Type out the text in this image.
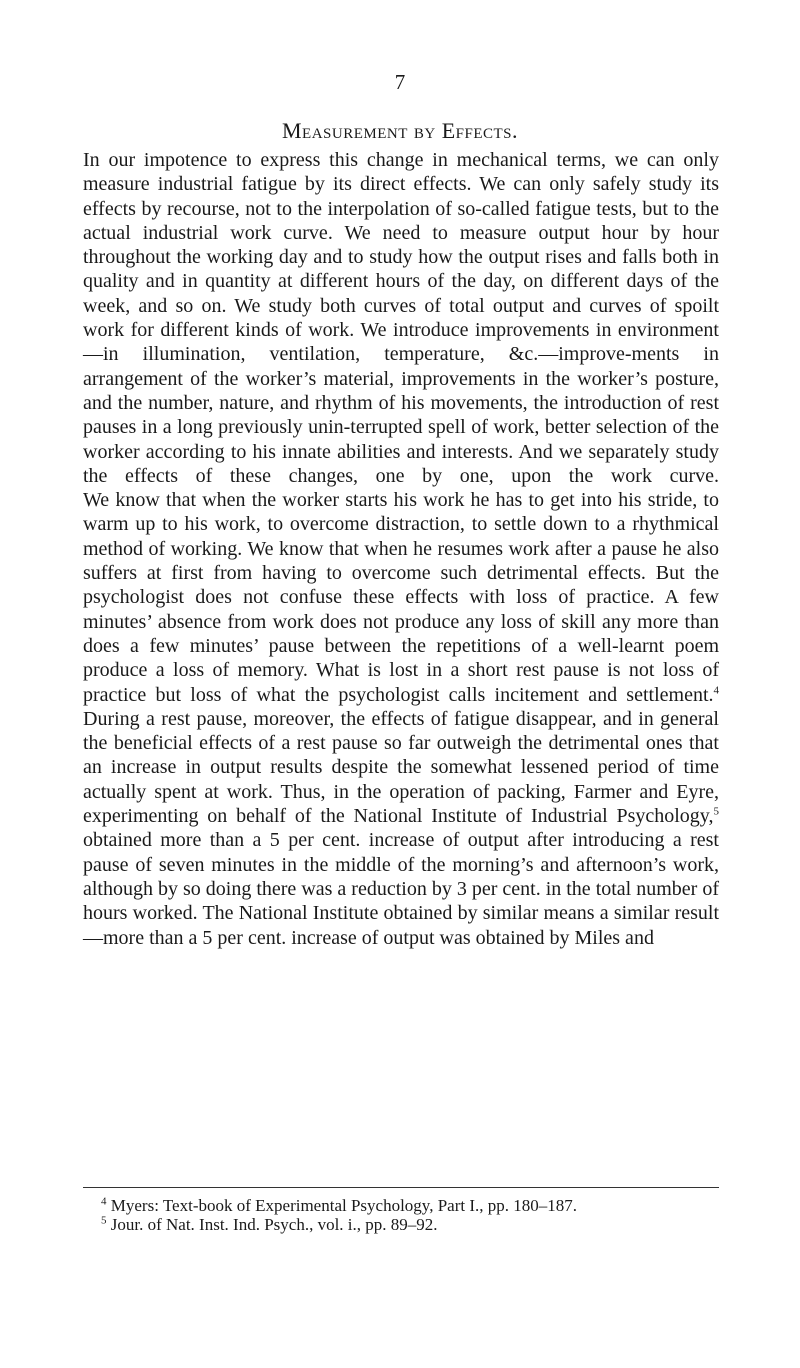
7
Measurement by Effects.

In our impotence to express this change in mechanical terms, we can only measure industrial fatigue by its direct effects. We can only safely study its effects by recourse, not to the interpolation of so-called fatigue tests, but to the actual industrial work curve. We need to measure output hour by hour throughout the working day and to study how the output rises and falls both in quality and in quantity at different hours of the day, on different days of the week, and so on. We study both curves of total output and curves of spoilt work for different kinds of work. We introduce improvements in environment—in illumination, ventilation, temperature, &c.—improve-ments in arrangement of the worker’s material, improvements in the worker’s posture, and the number, nature, and rhythm of his movements, the introduction of rest pauses in a long previously unin-terrupted spell of work, better selection of the worker according to his innate abilities and interests. And we separately study the effects of these changes, one by one, upon the work curve.

We know that when the worker starts his work he has to get into his stride, to warm up to his work, to overcome distraction, to settle down to a rhythmical method of working. We know that when he resumes work after a pause he also suffers at first from having to overcome such detrimental effects. But the psychologist does not confuse these effects with loss of practice. A few minutes’ absence from work does not produce any loss of skill any more than does a few minutes’ pause between the repetitions of a well-learnt poem produce a loss of memory. What is lost in a short rest pause is not loss of practice but loss of what the psychologist calls incitement and settlement.$^4$

During a rest pause, moreover, the effects of fatigue disappear, and in general the beneficial effects of a rest pause so far outweigh the detrimental ones that an increase in output results despite the somewhat lessened period of time actually spent at work. Thus, in the operation of packing, Farmer and Eyre, experimenting on behalf of the National Institute of Industrial Psychology,$^5$ obtained more than a 5 per cent. increase of output after introducing a rest pause of seven minutes in the middle of the morning’s and afternoon’s work, although by so doing there was a reduction by 3 per cent. in the total number of hours worked. The National Institute obtained by similar means a similar result—more than a 5 per cent. increase of output was obtained by Miles and

$^4$ Myers: Text-book of Experimental Psychology, Part I., pp. 180–187.

$^5$ Jour. of Nat. Inst. Ind. Psych., vol. i., pp. 89–92.
